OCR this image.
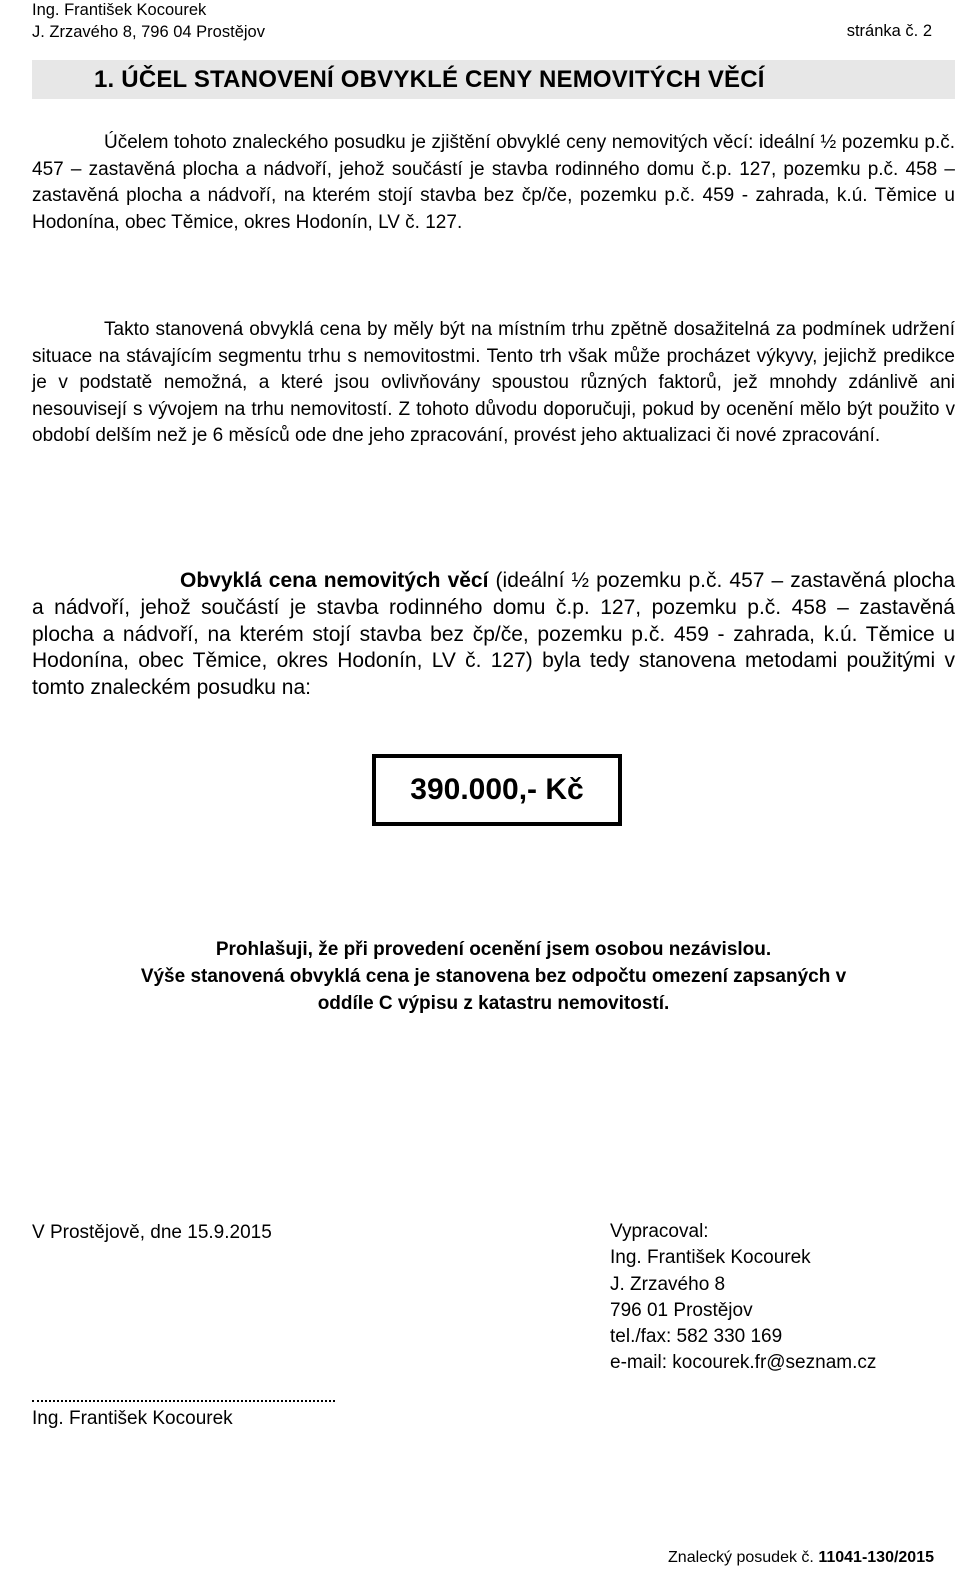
Ing. František Kocourek
J. Zrzavého 8, 796 04 Prostějov	stránka č. 2
1. ÚČEL STANOVENÍ OBVYKLÉ CENY NEMOVITÝCH VĚCÍ

Účelem tohoto znaleckého posudku je zjištění obvyklé ceny nemovitých věcí: ideální ½ pozemku p.č. 457 – zastavěná plocha a nádvoří, jehož součástí je stavba rodinného domu č.p. 127, pozemku p.č. 458 – zastavěná plocha a nádvoří, na kterém stojí stavba bez čp/če, pozemku p.č. 459 - zahrada, k.ú. Těmice u Hodonína, obec Těmice, okres Hodonín, LV č. 127.

Takto stanovená obvyklá cena by měly být na místním trhu zpětně dosažitelná za podmínek udržení situace na stávajícím segmentu trhu s nemovitostmi. Tento trh však může procházet výkyvy, jejichž predikce je v podstatě nemožná, a které jsou ovlivňovány spoustou různých faktorů, jež mnohdy zdánlivě ani nesouvisejí s vývojem na trhu nemovitostí. Z tohoto důvodu doporučuji, pokud by ocenění mělo být použito v období delším než je 6 měsíců ode dne jeho zpracování, provést jeho aktualizaci či nové zpracování.

Obvyklá cena nemovitých věcí (ideální ½ pozemku p.č. 457 – zastavěná plocha a nádvoří, jehož součástí je stavba rodinného domu č.p. 127, pozemku p.č. 458 – zastavěná plocha a nádvoří, na kterém stojí stavba bez čp/če, pozemku p.č. 459 - zahrada, k.ú. Těmice u Hodonína, obec Těmice, okres Hodonín, LV č. 127) byla tedy stanovena metodami použitými v tomto znaleckém posudku na:

390.000,- Kč
Prohlašuji, že při provedení ocenění jsem osobou nezávislou.
Výše stanovená obvyklá cena je stanovena bez odpočtu omezení zapsaných v
oddíle C výpisu z katastru nemovitostí.
V Prostějově, dne 15.9.2015	Vypracoval:
Ing. František Kocourek
J. Zrzavého 8
796 01 Prostějov
tel./fax: 582 330 169
e-mail: kocourek.fr@seznam.cz
Ing. František Kocourek
Znalecký posudek č. 11041-130/2015
